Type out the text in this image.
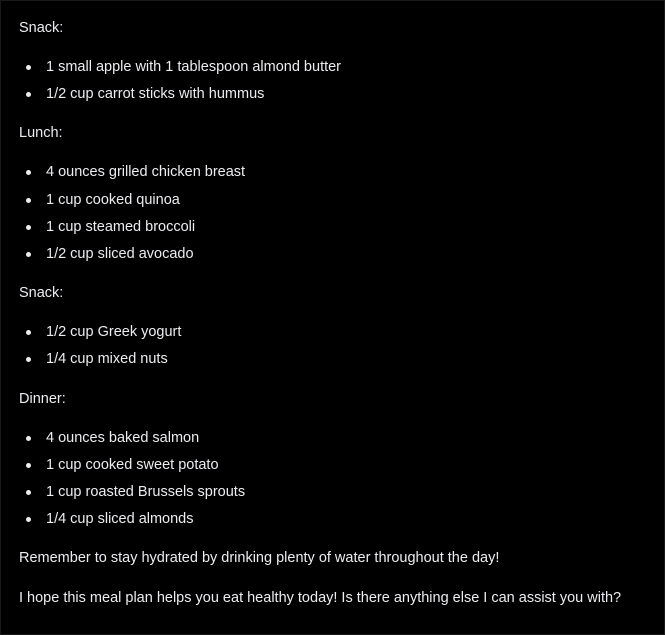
Snack:

1 small apple with 1 tablespoon almond butter
1/2 cup carrot sticks with hummus

Lunch:

4 ounces grilled chicken breast
1 cup cooked quinoa
1 cup steamed broccoli
1/2 cup sliced avocado

Snack:

1/2 cup Greek yogurt
1/4 cup mixed nuts

Dinner:

4 ounces baked salmon
1 cup cooked sweet potato
1 cup roasted Brussels sprouts
1/4 cup sliced almonds

Remember to stay hydrated by drinking plenty of water throughout the day!

I hope this meal plan helps you eat healthy today! Is there anything else I can assist you with?
